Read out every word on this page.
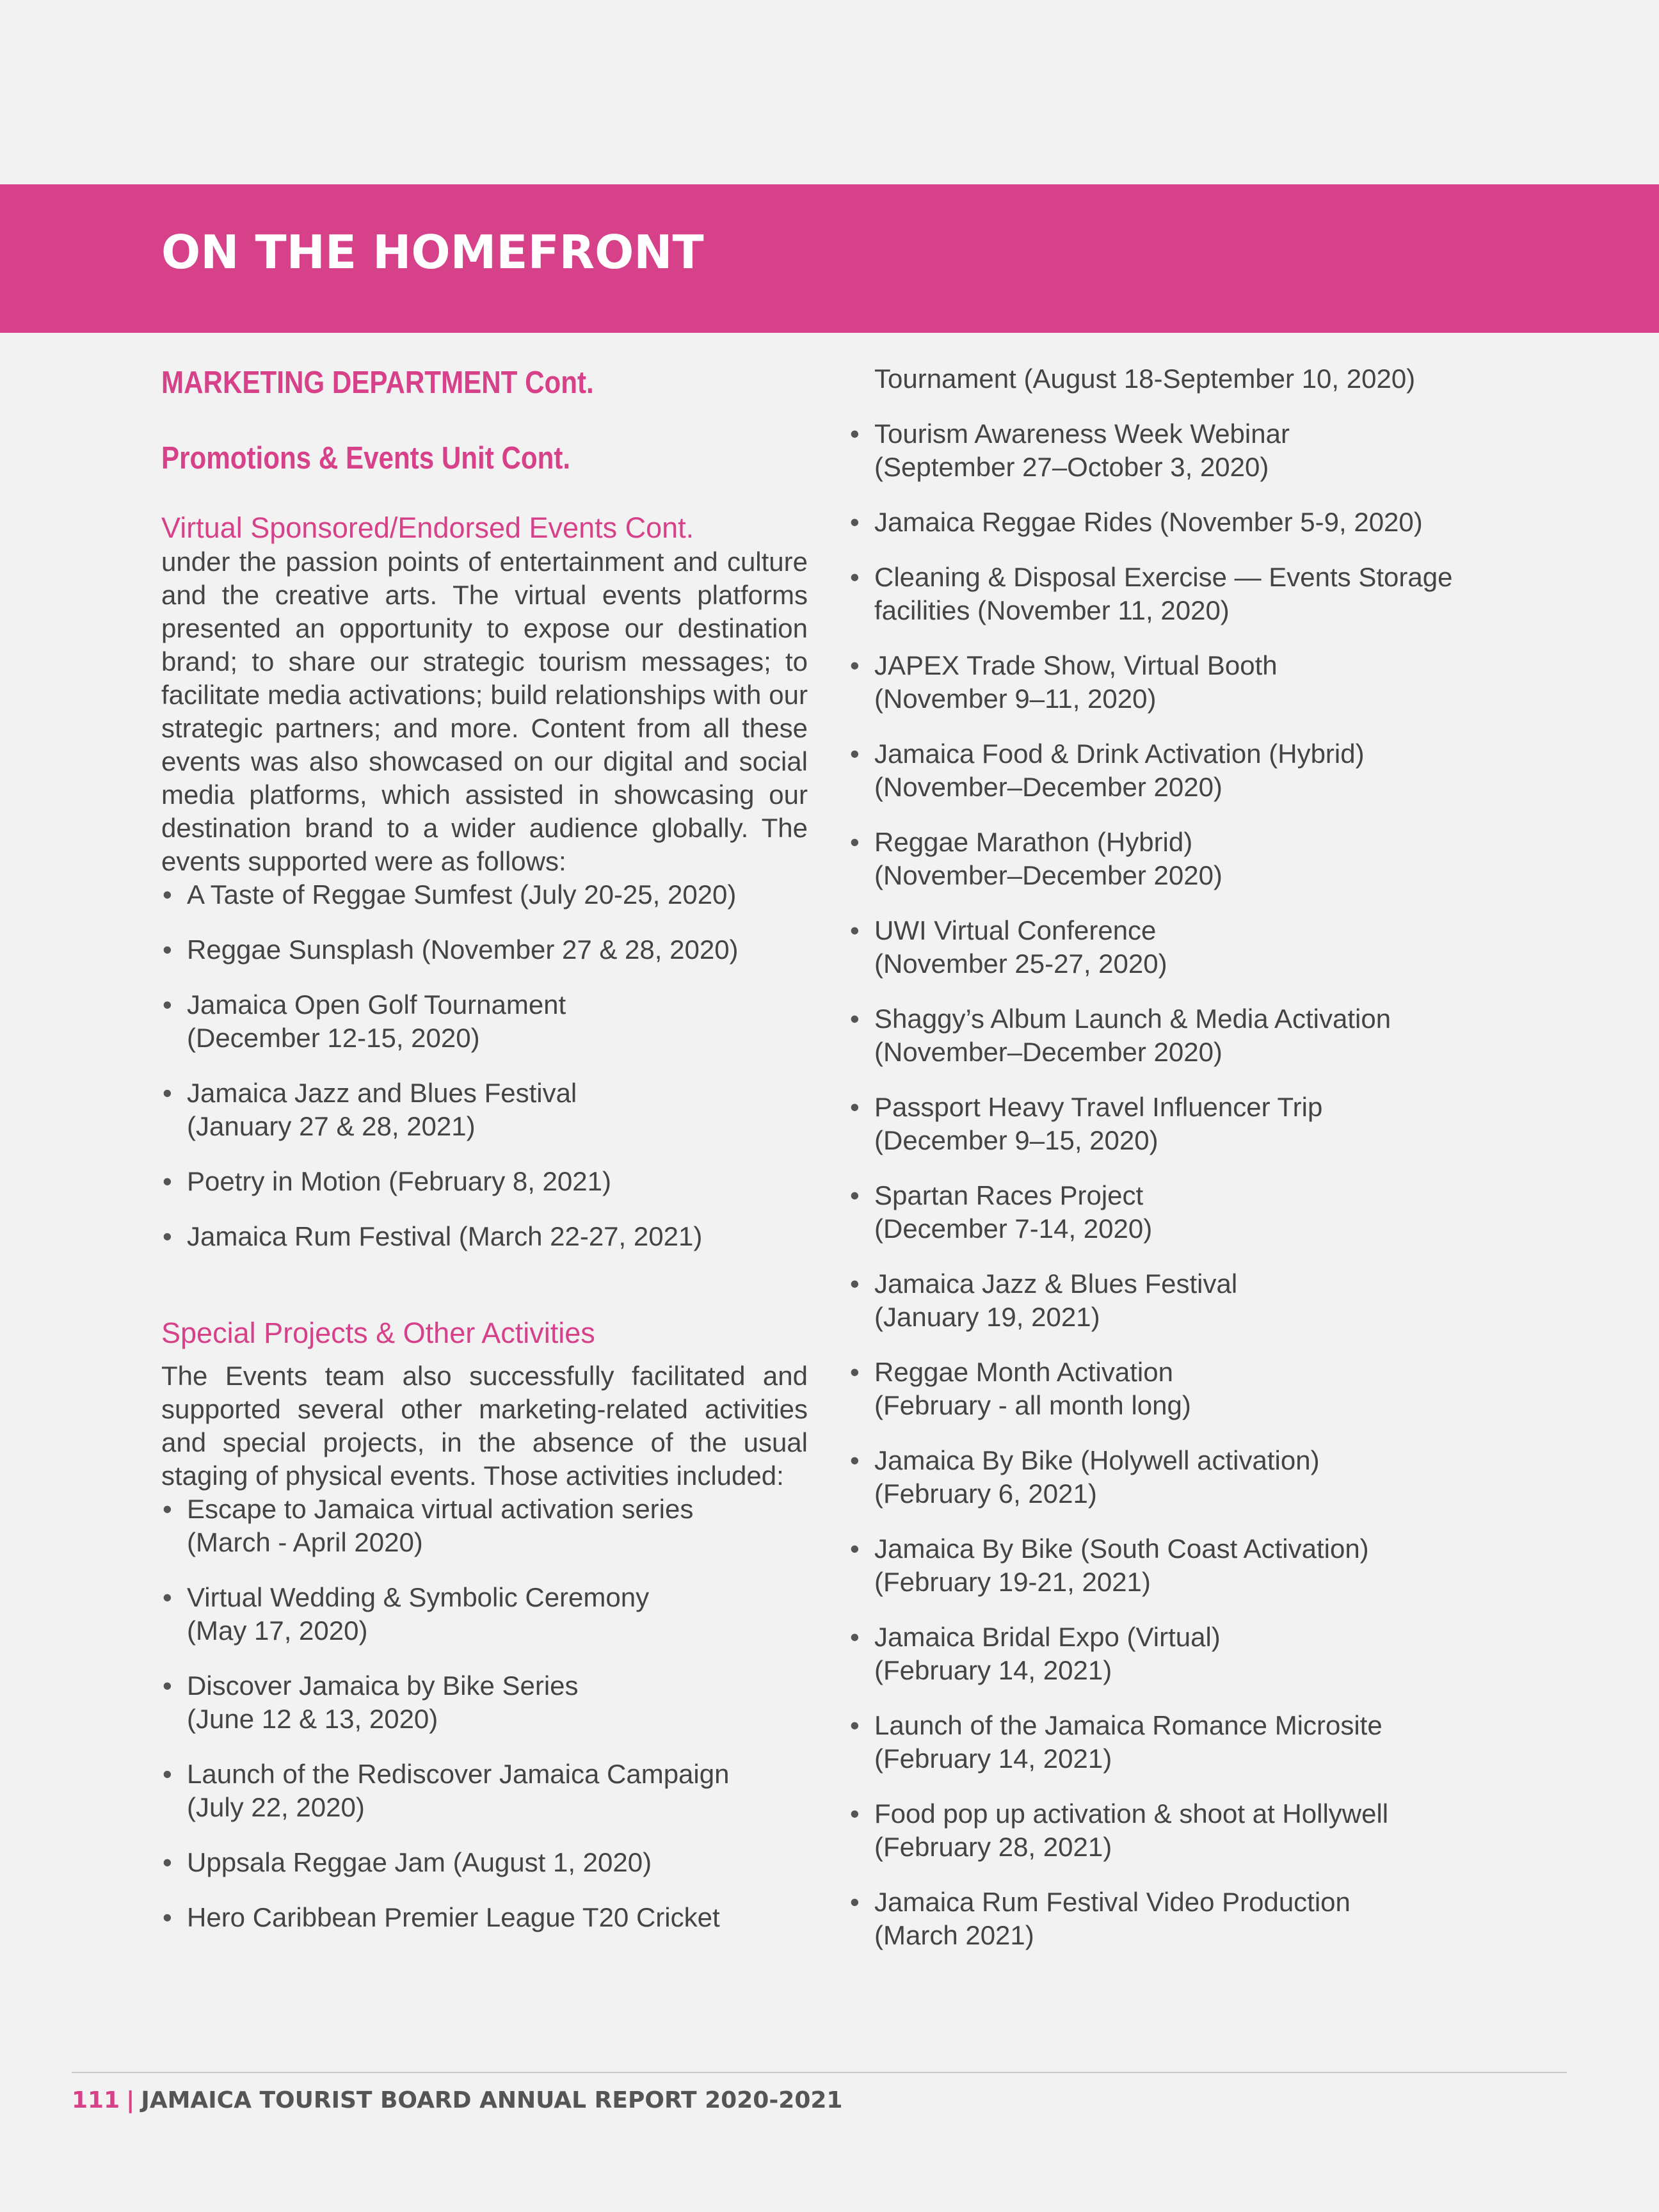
ON THE HOMEFRONT
MARKETING DEPARTMENT Cont.
Promotions & Events Unit Cont.
Virtual Sponsored/Endorsed Events Cont.

under the passion points of entertainment and culture and the creative arts. The virtual events platforms presented an opportunity to expose our destination brand; to share our strategic tourism messages; to facilitate media activations; build relationships with our strategic partners; and more. Content from all these events was also showcased on our digital and social media platforms, which assisted in showcasing our destination brand to a wider audience globally. The events supported were as follows:

• A Taste of Reggae Sumfest (July 20-25, 2020)
• Reggae Sunsplash (November 27 & 28, 2020)
• Jamaica Open Golf Tournament
(December 12-15, 2020)
• Jamaica Jazz and Blues Festival
(January 27 & 28, 2021)
• Poetry in Motion (February 8, 2021)
• Jamaica Rum Festival (March 22-27, 2021)
Special Projects & Other Activities

The Events team also successfully facilitated and supported several other marketing-related activities and special projects, in the absence of the usual staging of physical events. Those activities included:

• Escape to Jamaica virtual activation series
(March - April 2020)
• Virtual Wedding & Symbolic Ceremony
(May 17, 2020)
• Discover Jamaica by Bike Series
(June 12 & 13, 2020)
• Launch of the Rediscover Jamaica Campaign
(July 22, 2020)
• Uppsala Reggae Jam (August 1, 2020)
• Hero Caribbean Premier League T20 Cricket

Tournament (August 18-September 10, 2020)

• Tourism Awareness Week Webinar
(September 27–October 3, 2020)
• Jamaica Reggae Rides (November 5-9, 2020)
• Cleaning & Disposal Exercise — Events Storage
facilities (November 11, 2020)
• JAPEX Trade Show, Virtual Booth
(November 9–11, 2020)
• Jamaica Food & Drink Activation (Hybrid)
(November–December 2020)
• Reggae Marathon (Hybrid)
(November–December 2020)
• UWI Virtual Conference
(November 25-27, 2020)
• Shaggy’s Album Launch & Media Activation
(November–December 2020)
• Passport Heavy Travel Influencer Trip
(December 9–15, 2020)
• Spartan Races Project
(December 7-14, 2020)
• Jamaica Jazz & Blues Festival
(January 19, 2021)
• Reggae Month Activation
(February - all month long)
• Jamaica By Bike (Holywell activation)
(February 6, 2021)
• Jamaica By Bike (South Coast Activation)
(February 19-21, 2021)
• Jamaica Bridal Expo (Virtual)
(February 14, 2021)
• Launch of the Jamaica Romance Microsite
(February 14, 2021)
• Food pop up activation & shoot at Hollywell
(February 28, 2021)
• Jamaica Rum Festival Video Production
(March 2021)
111 | JAMAICA TOURIST BOARD ANNUAL REPORT 2020-2021
